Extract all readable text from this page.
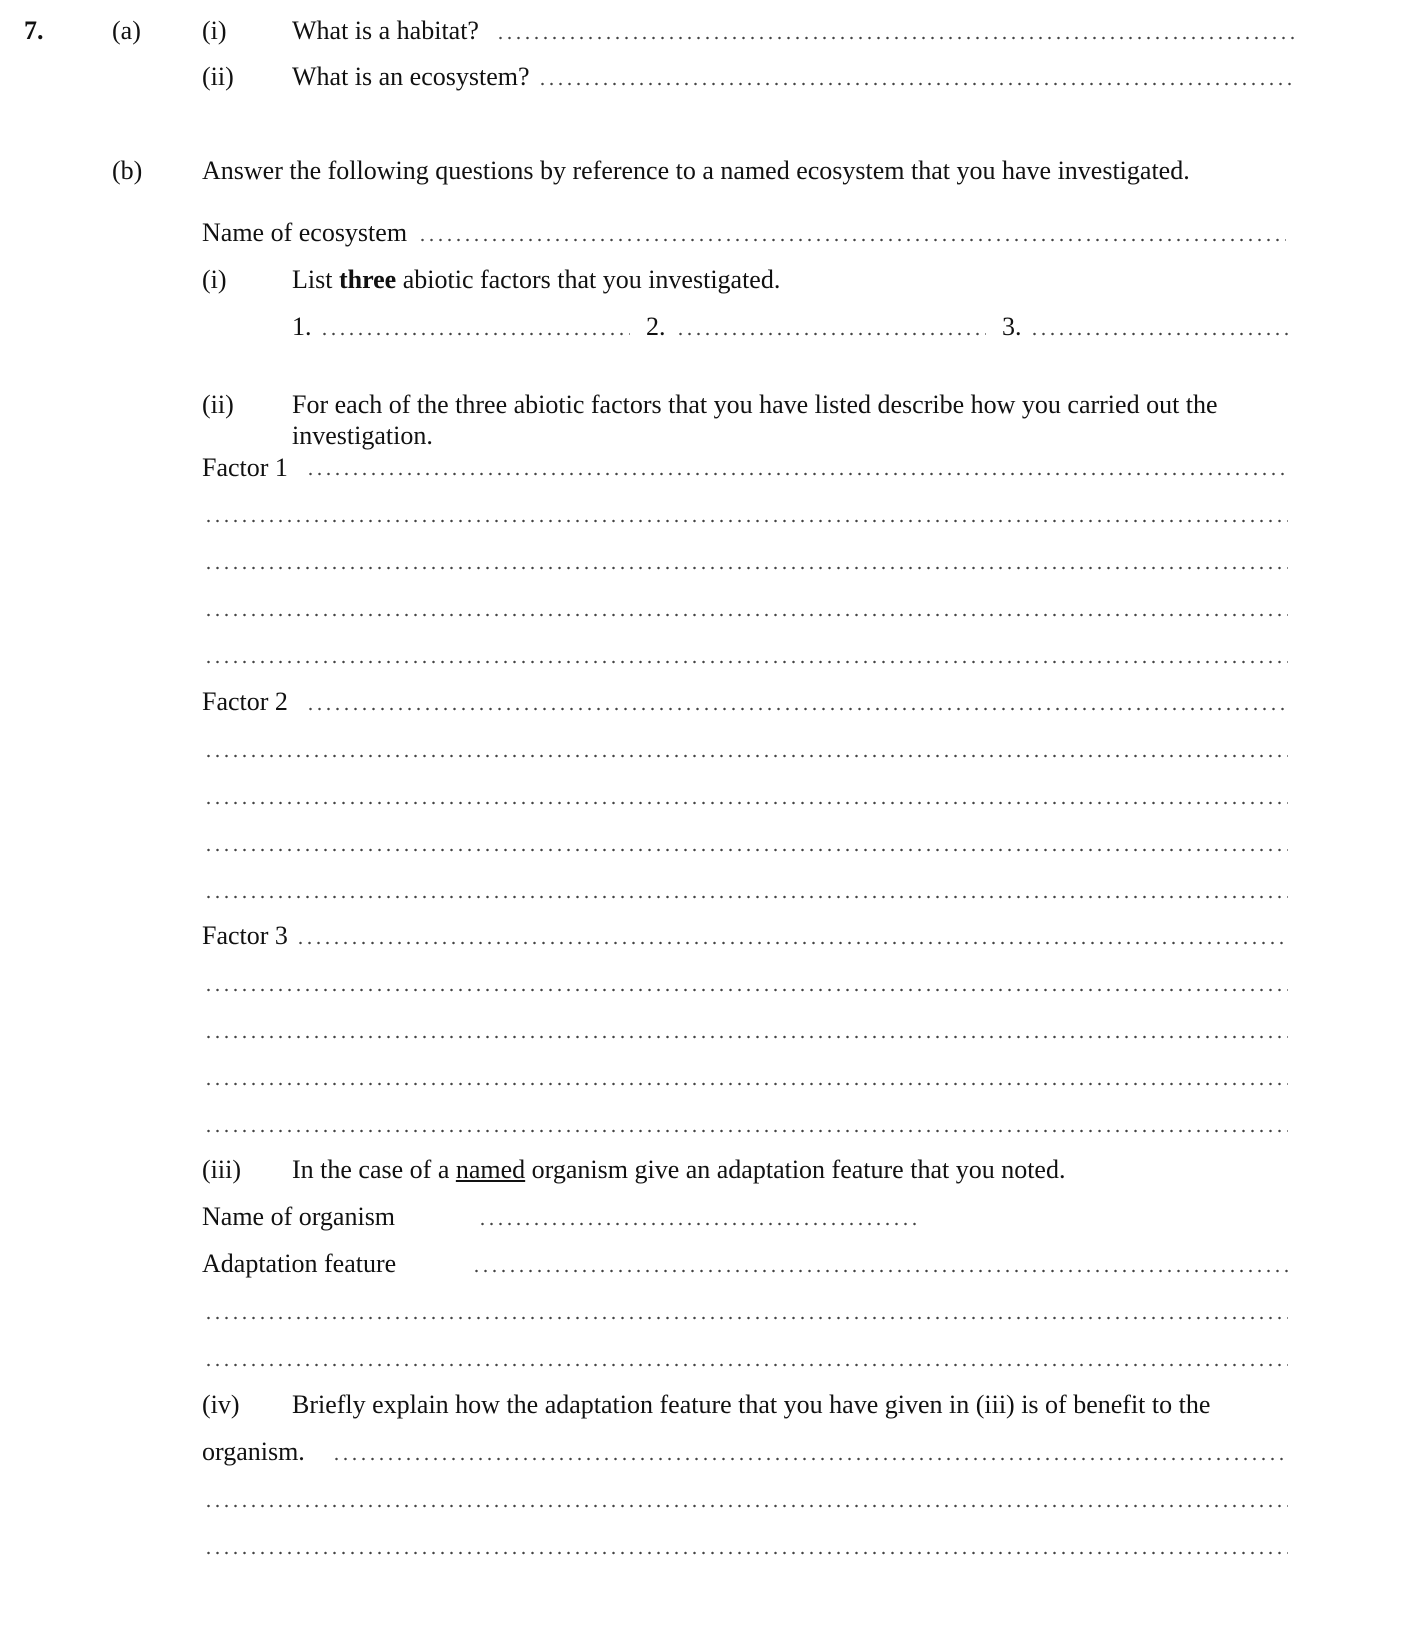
7.	(a) (i)	What is a habitat?
(ii) What is an ecosystem?
(b) Answer the following questions by reference to a named ecosystem that you have investigated.
Name of ecosystem
(i)	List three abiotic factors that you investigated.
1.	2.	3.
(ii) For each of the three abiotic factors that you have listed describe how you carried out the
investigation.
Factor 1
Factor 2
Factor 3
(iii) In the case of a named organism give an adaptation feature that you noted.
Name of organism
Adaptation feature
(iv) Briefly explain how the adaptation feature that you have given in (iii) is of benefit to the
organism.
